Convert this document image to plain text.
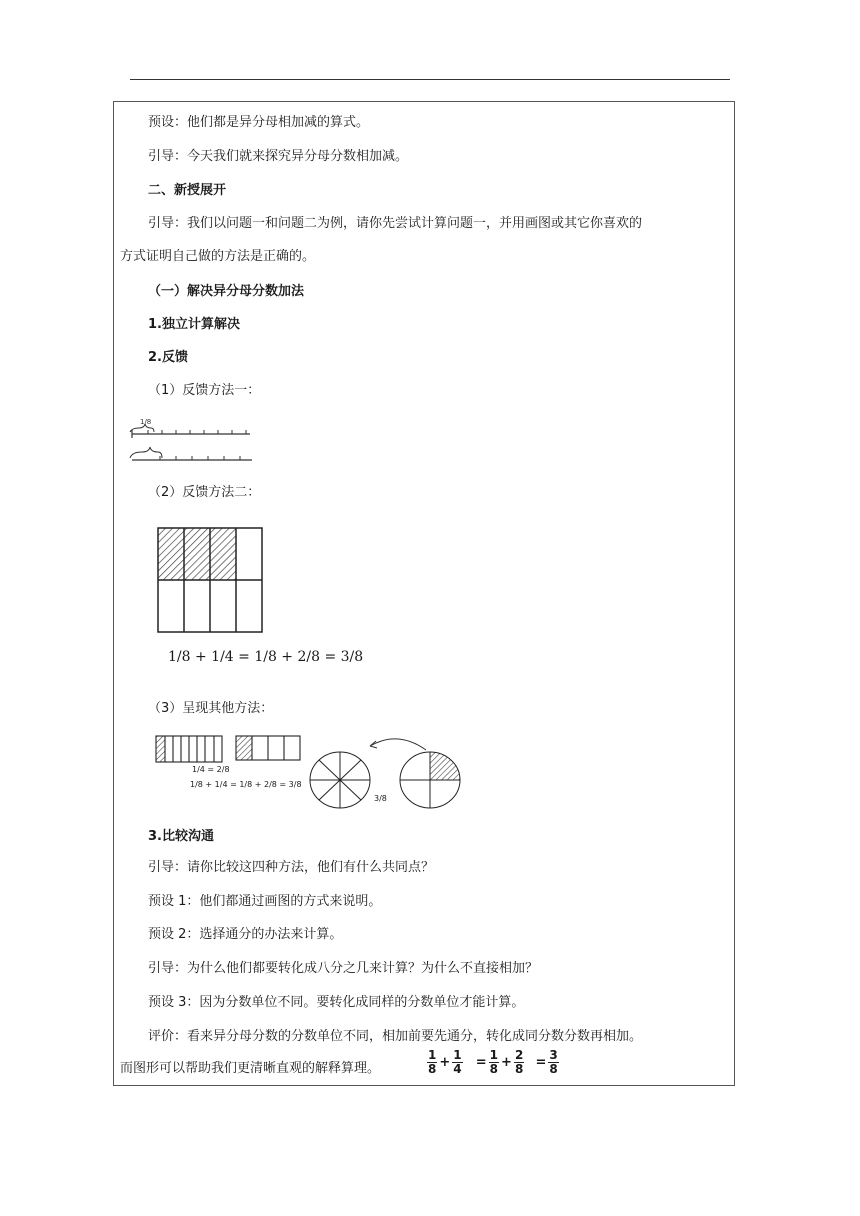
预设：他们都是异分母相加减的算式。
引导：今天我们就来探究异分母分数相加减。
二、新授展开
引导：我们以问题一和问题二为例，请你先尝试计算问题一，并用画图或其它你喜欢的
方式证明自己做的方法是正确的。
（一）解决异分母分数加法
1.独立计算解决
2.反馈
（1）反馈方法一：
1/8
（2）反馈方法二：
1/8 + 1/4 = 1/8 + 2/8 = 3/8
（3）呈现其他方法：
1/4 = 2/8
1/8 + 1/4 = 1/8 + 2/8 = 3/8
3/8
3.比较沟通
引导：请你比较这四种方法，他们有什么共同点？
预设 1：他们都通过画图的方式来说明。
预设 2：选择通分的办法来计算。
引导：为什么他们都要转化成八分之几来计算？为什么不直接相加？
预设 3：因为分数单位不同。要转化成同样的分数单位才能计算。
评价：看来异分母分数的分数单位不同，相加前要先通分，转化成同分数分数再相加。
而图形可以帮助我们更清晰直观的解释算理。	$\frac{1}{8} + \frac{1}{4} = \frac{1}{8} + \frac{2}{8} = \frac{3}{8}$
